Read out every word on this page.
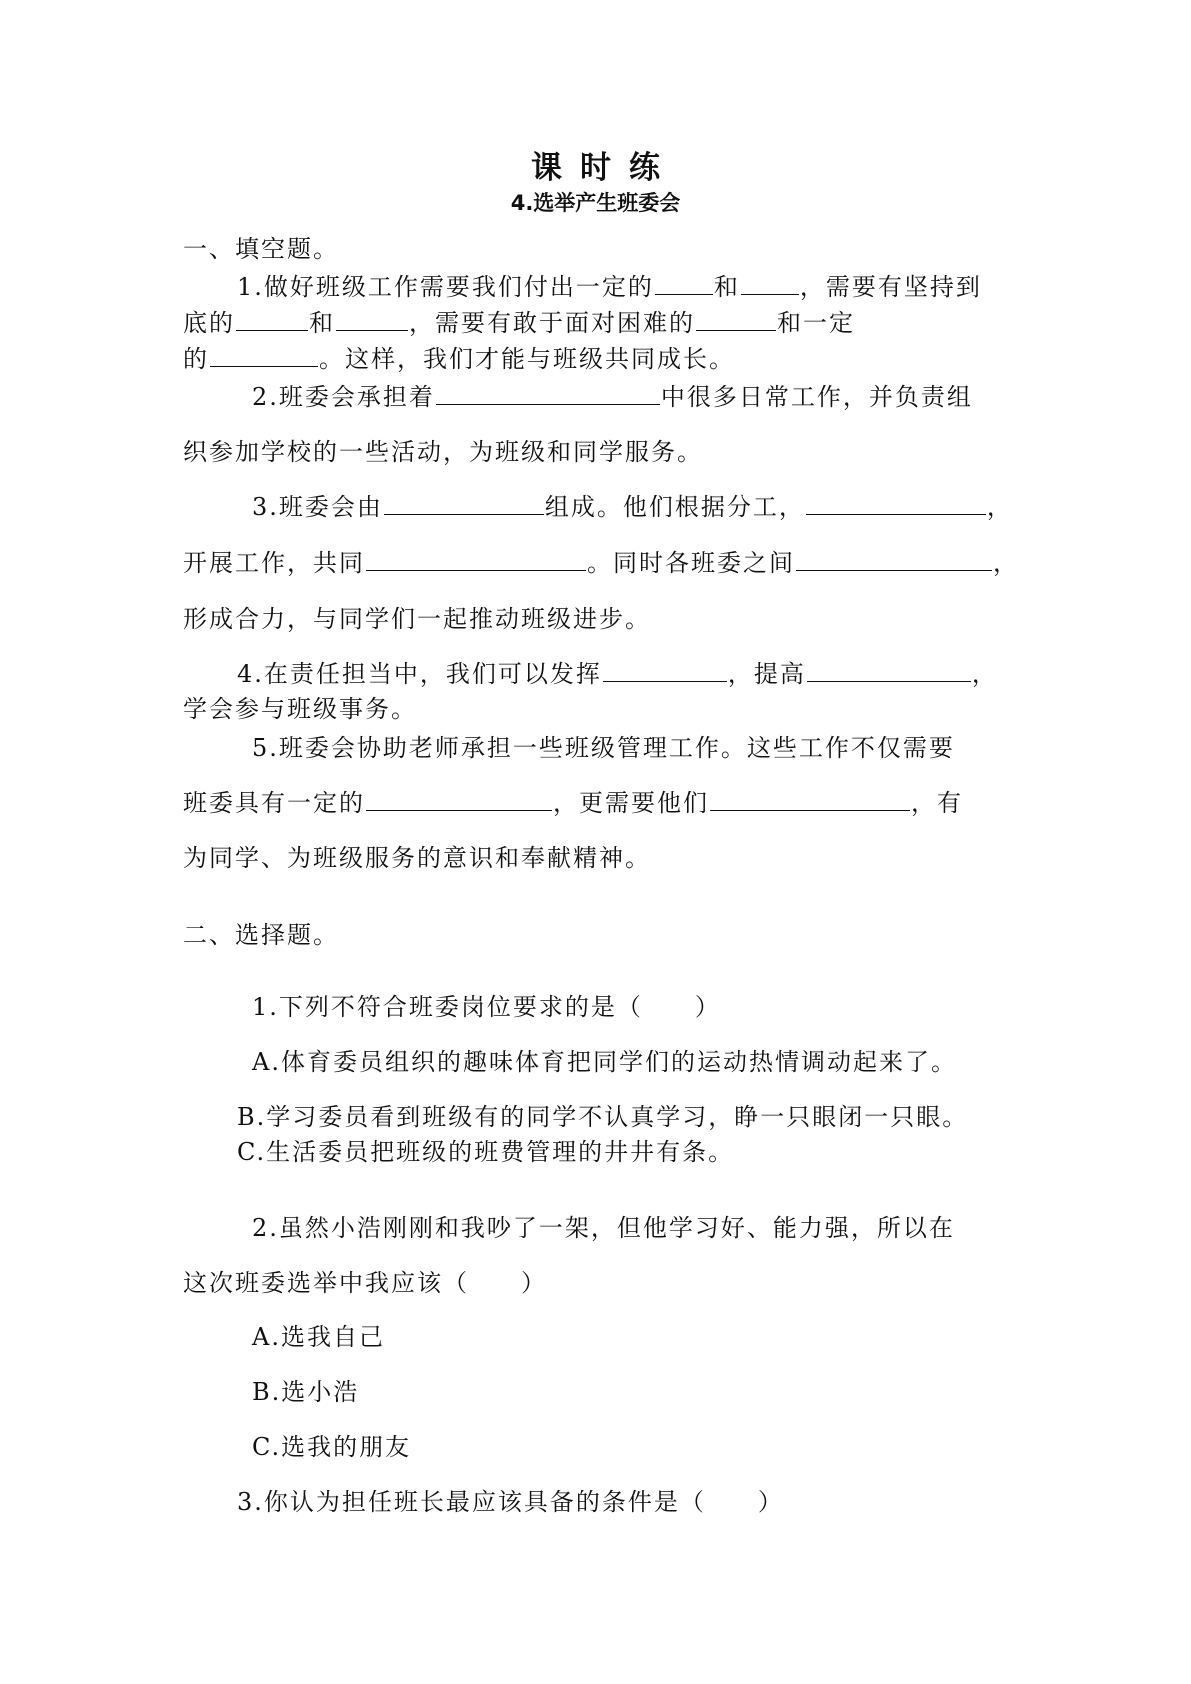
课时练
4.选举产生班委会
一、填空题。
1.做好班级工作需要我们付出一定的	和	，需要有坚持到
底的	和	，需要有敢于面对困难的	和一定
的	。这样，我们才能与班级共同成长。
2.班委会承担着	中很多日常工作，并负责组
织参加学校的一些活动，为班级和同学服务。
3.班委会由	组成。他们根据分工，	，
开展工作，共同	。同时各班委之间	，
形成合力，与同学们一起推动班级进步。
4.在责任担当中，我们可以发挥	，提高	，
学会参与班级事务。
5.班委会协助老师承担一些班级管理工作。这些工作不仅需要
班委具有一定的	，更需要他们	，有
为同学、为班级服务的意识和奉献精神。
二、选择题。
1.下列不符合班委岗位要求的是（　　）
A.体育委员组织的趣味体育把同学们的运动热情调动起来了。
B.学习委员看到班级有的同学不认真学习，睁一只眼闭一只眼。
C.生活委员把班级的班费管理的井井有条。
2.虽然小浩刚刚和我吵了一架，但他学习好、能力强，所以在
这次班委选举中我应该（　　）
A.选我自己
B.选小浩
C.选我的朋友
3.你认为担任班长最应该具备的条件是（　　）
